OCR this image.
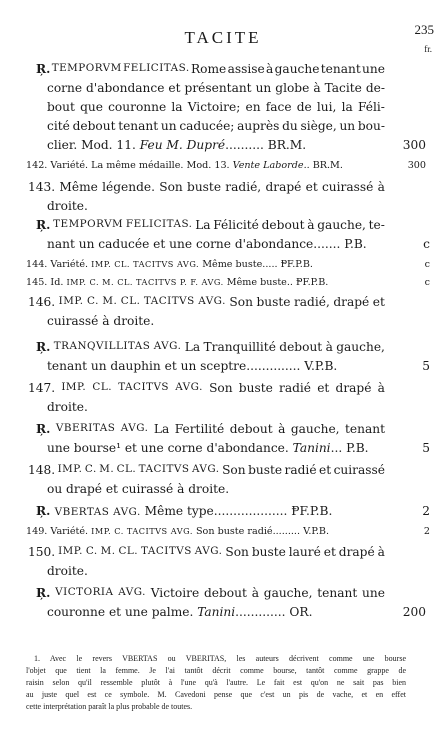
TACITE	235
fr.
Ŗ. TEMPORVM FELICITAS. Rome assise à gauche tenant une
corne d'abondance et présentant un globe à Tacite de-
bout que couronne la Victoire; en face de lui, la Féli-
cité debout tenant un caducée; auprès du siège, un bou-
clier. Mod. 11. Feu M. Dupré.......... BR.M.	300
142. Variété. La même médaille. Mod. 13. Vente Laborde.. BR.M.	300
143. Même légende. Son buste radié, drapé et cuirassé à
droite.
Ŗ. TEMPORVM FELICITAS. La Félicité debout à gauche, te-
nant un caducée et une corne d'abondance....... P.B.	c
144. Variété. IMP. CL. TACITVS AVG. Même buste..... ⱣF.P.B.	c
145. Id. IMP. C. M. CL. TACITVS P. F. AVG. Même buste.. ⱣF.P.B.	c
146. IMP. C. M. CL. TACITVS AVG. Son buste radié, drapé et
cuirassé à droite.
Ŗ. TRANQVILLITAS AVG. La Tranquillité debout à gauche,
tenant un dauphin et un sceptre.............. V.P.B.	5
147. IMP. CL. TACITVS AVG. Son buste radié et drapé à
droite.
Ŗ. VBERITAS AVG. La Fertilité debout à gauche, tenant
une bourse¹ et une corne d'abondance. Tanini... P.B.	5
148. IMP. C. M. CL. TACITVS AVG. Son buste radié et cuirassé
ou drapé et cuirassé à droite.
Ŗ. VBERTAS AVG. Même type................... ⱣF.P.B.	2
149. Variété. IMP. C. TACITVS AVG. Son buste radié......... V.P.B.	2
150. IMP. C. M. CL. TACITVS AVG. Son buste lauré et drapé à
droite.
Ŗ. VICTORIA AVG. Victoire debout à gauche, tenant une
couronne et une palme. Tanini............. OR.	200
1. Avec le revers VBERTAS ou VBERITAS, les auteurs décrivent comme une bourse
l'objet que tient la femme. Je l'ai tantôt décrit comme bourse, tantôt comme grappe de
raisin selon qu'il ressemble plutôt à l'une qu'à l'autre. Le fait est qu'on ne sait pas bien
au juste quel est ce symbole. M. Cavedoni pense que c'est un pis de vache, et en effet
cette interprétation paraît la plus probable de toutes.
